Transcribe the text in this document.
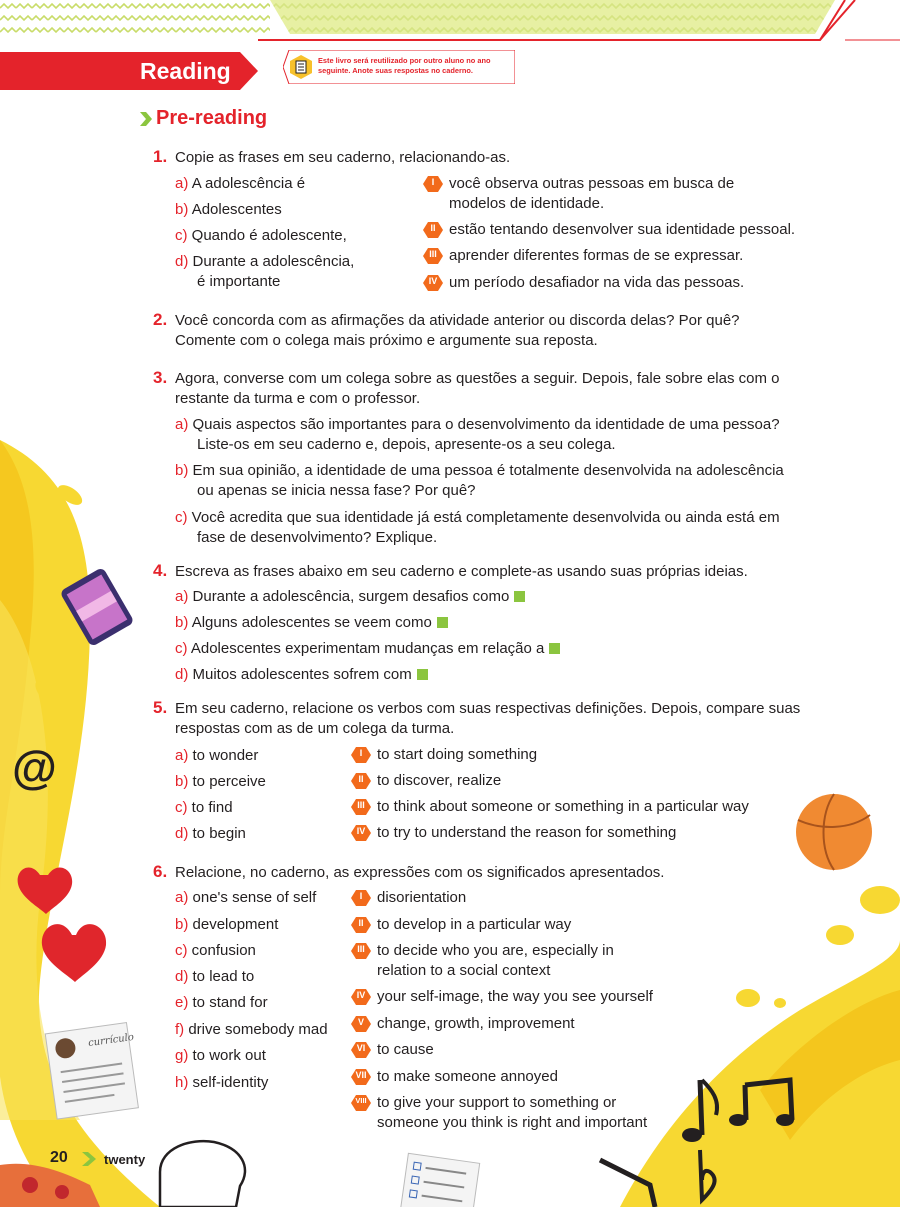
currículo
@
Reading	Este livro será reutilizado por outro aluno no ano seguinte. Anote suas respostas no caderno.
Pre-reading
1. Copie as frases em seu caderno, relacionando-as.
a) A adolescência é
b) Adolescentes
c) Quando é adolescente,
d) Durante a adolescência,
é importante
I você observa outras pessoas em busca de
modelos de identidade.
II estão tentando desenvolver sua identidade pessoal.
III aprender diferentes formas de se expressar.
IV um período desafiador na vida das pessoas.
2. Você concorda com as afirmações da atividade anterior ou discorda delas? Por quê?
Comente com o colega mais próximo e argumente sua reposta.
3. Agora, converse com um colega sobre as questões a seguir. Depois, fale sobre elas com o
restante da turma e com o professor.
a) Quais aspectos são importantes para o desenvolvimento da identidade de uma pessoa?
Liste-os em seu caderno e, depois, apresente-os a seu colega.
b) Em sua opinião, a identidade de uma pessoa é totalmente desenvolvida na adolescência
ou apenas se inicia nessa fase? Por quê?
c) Você acredita que sua identidade já está completamente desenvolvida ou ainda está em
fase de desenvolvimento? Explique.
4. Escreva as frases abaixo em seu caderno e complete-as usando suas próprias ideias.
a) Durante a adolescência, surgem desafios como
b) Alguns adolescentes se veem como
c) Adolescentes experimentam mudanças em relação a
d) Muitos adolescentes sofrem com
5. Em seu caderno, relacione os verbos com suas respectivas definições. Depois, compare suas
respostas com as de um colega da turma.
a) to wonder
b) to perceive
c) to find
d) to begin
I to start doing something
II to discover, realize
III to think about someone or something in a particular way
IV to try to understand the reason for something
6. Relacione, no caderno, as expressões com os significados apresentados.
a) one's sense of self
b) development
c) confusion
d) to lead to
e) to stand for
f) drive somebody mad
g) to work out
h) self-identity
I disorientation
II to develop in a particular way
III to decide who you are, especially in
relation to a social context
IV your self-image, the way you see yourself
V change, growth, improvement
VI to cause
VII to make someone annoyed
VIII to give your support to something or
someone you think is right and important
20	twenty
